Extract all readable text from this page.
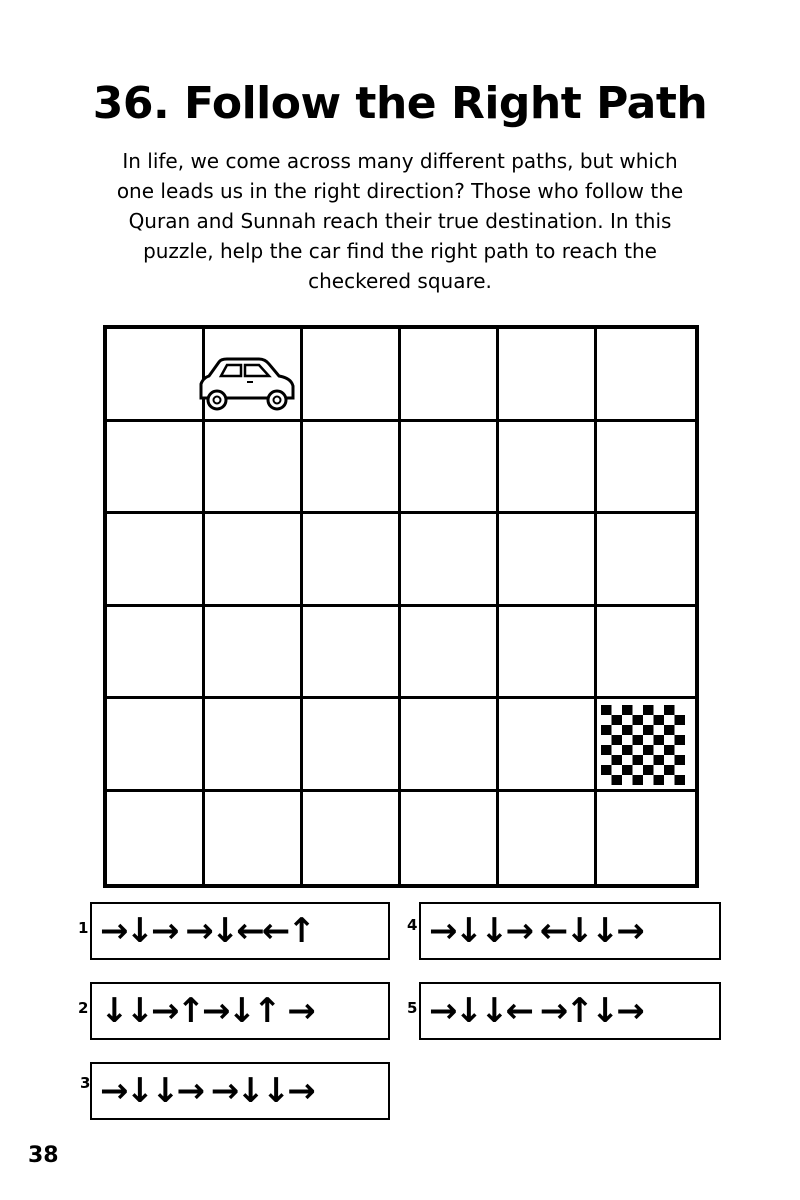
36. Follow the Right Path
In life, we come across many different paths, but which one leads us in the right direction? Those who follow the Quran and Sunnah reach their true destination. In this puzzle, help the car find the right path to reach the checkered square.
1 →↓→ →↓←←↑
2 ↓↓→↑→↓↑ →
3 →↓↓→ →↓↓→
4 →↓↓→ ←↓↓→
5 →↓↓← →↑↓→
38
